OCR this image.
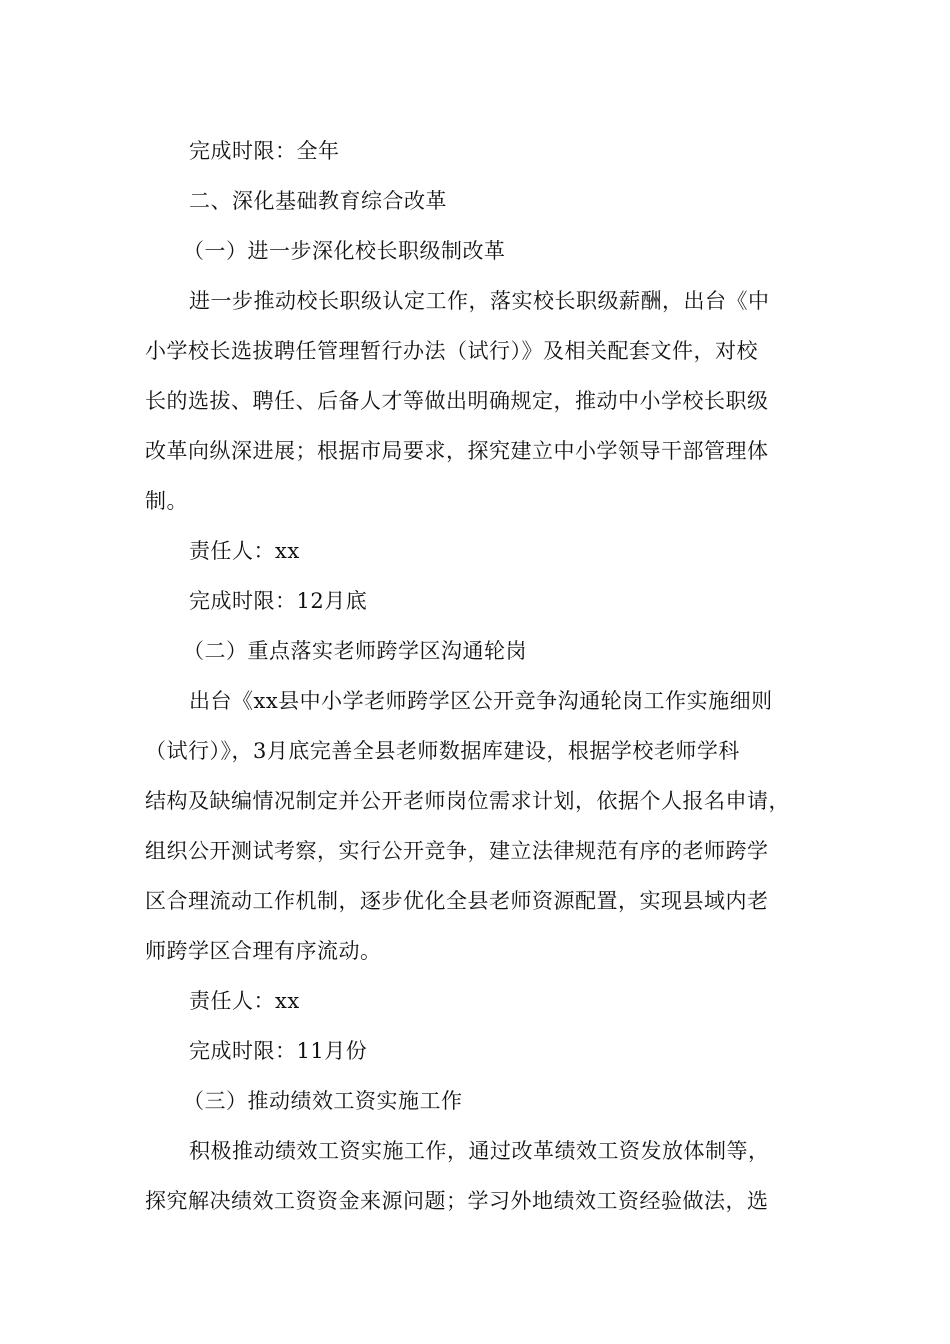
完成时限：全年
二、深化基础教育综合改革
（一）进一步深化校长职级制改革
进一步推动校长职级认定工作，落实校长职级薪酬，出台《中
小学校长选拔聘任管理暂行办法（试行）》及相关配套文件，对校
长的选拔、聘任、后备人才等做出明确规定，推动中小学校长职级
改革向纵深进展；根据市局要求，探究建立中小学领导干部管理体
制。
责任人：xx
完成时限：12月底
（二）重点落实老师跨学区沟通轮岗
出台《xx县中小学老师跨学区公开竞争沟通轮岗工作实施细则
（试行）》，3月底完善全县老师数据库建设，根据学校老师学科
结构及缺编情况制定并公开老师岗位需求计划，依据个人报名申请，
组织公开测试考察，实行公开竞争，建立法律规范有序的老师跨学
区合理流动工作机制，逐步优化全县老师资源配置，实现县域内老
师跨学区合理有序流动。
责任人：xx
完成时限：11月份
（三）推动绩效工资实施工作
积极推动绩效工资实施工作，通过改革绩效工资发放体制等，
探究解决绩效工资资金来源问题；学习外地绩效工资经验做法，选
